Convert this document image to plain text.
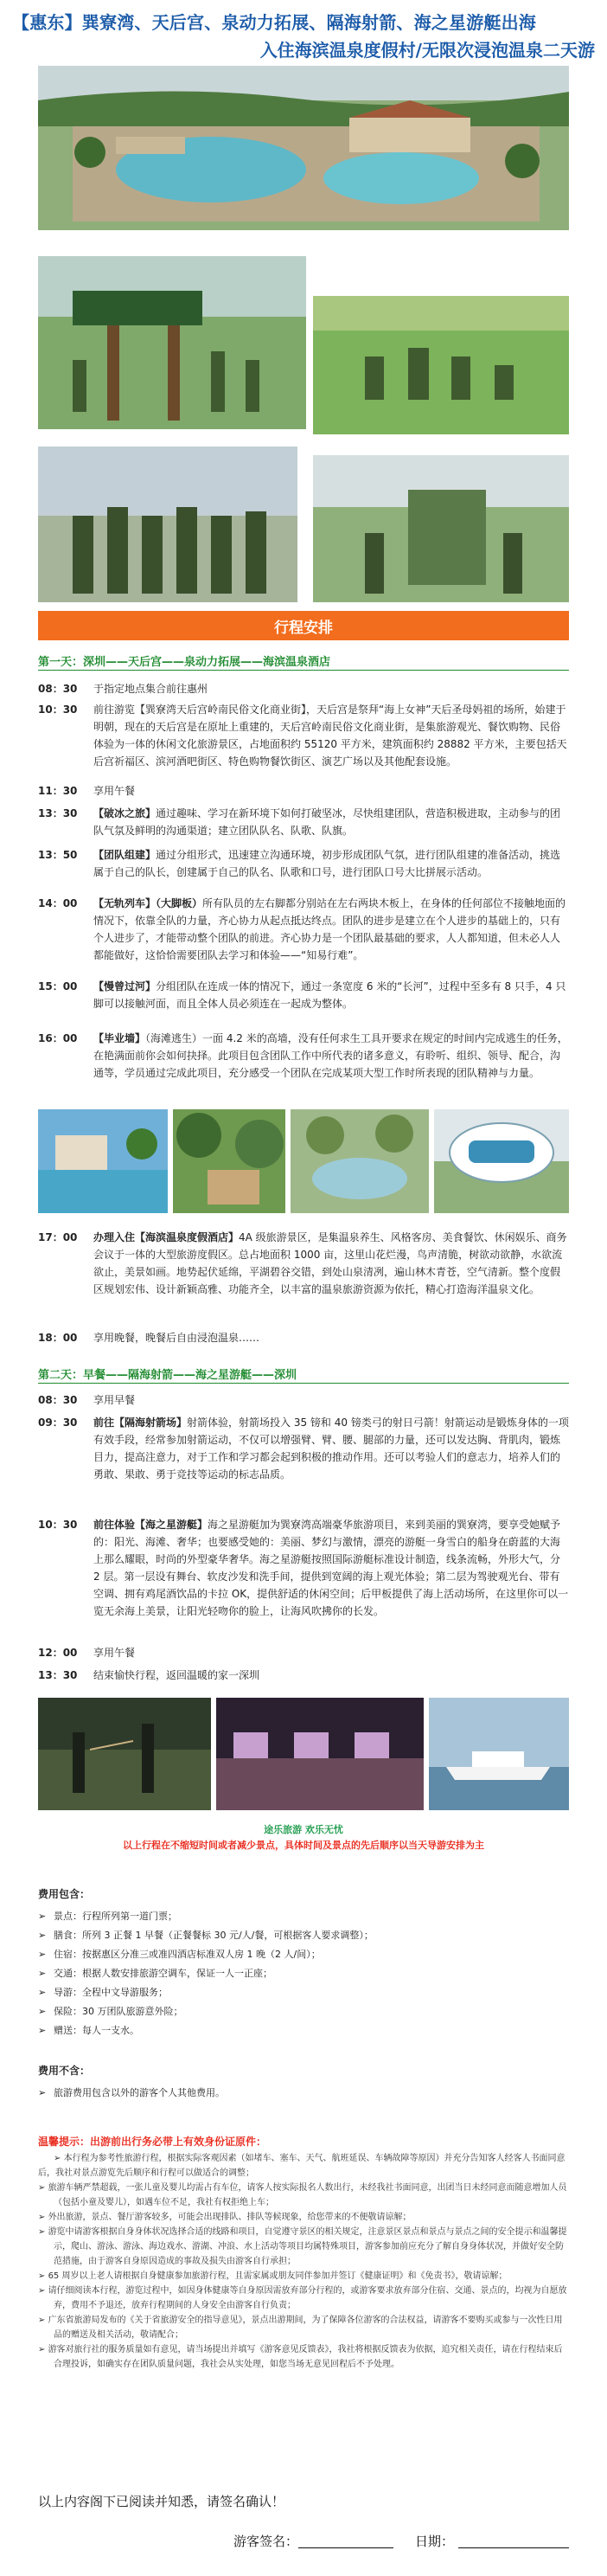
【惠东】巽寮湾、天后宫、泉动力拓展、隔海射箭、海之星游艇出海
入住海滨温泉度假村/无限次浸泡温泉二天游
行程安排
第一天：深圳——天后宫——泉动力拓展——海滨温泉酒店
08：30	于指定地点集合前往惠州
10：30	前往游览【巽寮湾天后宫岭南民俗文化商业街】，天后宫是祭拜“海上女神”天后圣母妈祖的场所，始建于明朝，现在的天后宫是在原址上重建的，天后宫岭南民俗文化商业街，是集旅游观光、餐饮购物、民俗体验为一体的休闲文化旅游景区，占地面积约 55120 平方米，建筑面积约 28882 平方米，主要包括天后宫祈福区、滨河酒吧街区、特色购物餐饮街区、演艺广场以及其他配套设施。
11：30	享用午餐
13：30	【破冰之旅】通过趣味、学习在新环境下如何打破坚冰，尽快组建团队，营造积极进取，主动参与的团队气氛及鲜明的沟通渠道；建立团队队名、队歌、队旗。
13：50	【团队组建】通过分组形式，迅速建立沟通环境，初步形成团队气氛，进行团队组建的准备活动，挑选属于自己的队长，创建属于自己的队名、队歌和口号，进行团队口号大比拼展示活动。
14：00	【无轨列车】（大脚板）所有队员的左右脚都分别站在左右两块木板上，在身体的任何部位不接触地面的情况下，依靠全队的力量，齐心协力从起点抵达终点。团队的进步是建立在个人进步的基础上的，只有个人进步了，才能带动整个团队的前进。齐心协力是一个团队最基础的要求，人人都知道，但未必人人都能做好，这恰恰需要团队去学习和体验——“知易行难”。
15：00	【慢曾过河】分组团队在连成一体的情况下，通过一条宽度 6 米的“长河”，过程中至多有 8 只手，4 只脚可以接触河面，而且全体人员必须连在一起成为整体。
16：00	【毕业墙】（海滩逃生）一面 4.2 米的高墙，没有任何求生工具开要求在规定的时间内完成逃生的任务，在艳满面前你会如何抉择。此项目包含团队工作中所代表的诸多意义，有聆听、组织、领导、配合，沟通等，学员通过完成此项目，充分感受一个团队在完成某项大型工作时所表现的团队精神与力量。
17：00	办理入住【海滨温泉度假酒店】4A 级旅游景区，是集温泉养生、风格客房、美食餐饮、休闲娱乐、商务会议于一体的大型旅游度假区。总占地面积 1000 亩，这里山花烂漫，鸟声清脆，树欲动欲静，水欲流欲止，美景如画。地势起伏延绵，平湖碧谷交错，到处山泉清冽，遍山林木青苍，空气清新。整个度假区规划宏伟、设计新颖高雅、功能齐全，以丰富的温泉旅游资源为依托，精心打造海洋温泉文化。
18：00	享用晚餐，晚餐后自由浸泡温泉……
第二天：早餐——隔海射箭——海之星游艇——深圳
08：30	享用早餐
09：30	前往【隔海射箭场】射箭体验，射箭场投入 35 镑和 40 镑类弓的射日弓箭！射箭运动是锻炼身体的一项有效手段，经常参加射箭运动，不仅可以增强臂、臂、腰、腿部的力量，还可以发达胸、背肌肉，锻炼目力，提高注意力，对于工作和学习都会起到积极的推动作用。还可以考验人们的意志力，培养人们的勇敢、果敢、勇于竞技等运动的标志品质。
10：30	前往体验【海之星游艇】海之星游艇加为巽寮湾高端豪华旅游项目，来到美丽的巽寮湾，要享受她赋予的：阳光、海滩、奢华；也要感受她的：美丽、梦幻与激情，漂亮的游艇一身雪白的船身在蔚蓝的大海上那么耀眼，时尚的外型豪华奢华。海之星游艇按照国际游艇标准设计制造，线条流畅，外形大气，分 2 层。第一层设有舞台、软皮沙发和洗手间，提供到宽阔的海上观光体验；第二层为驾驶观光台、带有空调、拥有鸡尾酒饮品的卡拉 OK，提供舒适的休闲空间；后甲板提供了海上活动场所，在这里你可以一览无余海上美景，让阳光轻吻你的脸上，让海风吹拂你的长发。
12：00	享用午餐
13：30	结束愉快行程，返回温暖的家一深圳
途乐旅游 欢乐无忧
以上行程在不缩短时间或者减少景点，具体时间及景点的先后顺序以当天导游安排为主
费用包含：
➢ 景点：行程所列第一道门票；
➢ 膳食：所列 3 正餐 1 早餐（正餐餐标 30 元/人/餐，可根据客人要求调整）；
➢ 住宿：按据惠区分准三或准四酒店标准双人房 1 晚（2 人/间）；
➢ 交通：根据人数安排旅游空调车，保证一人一正座；
➢ 导游：全程中文导游服务；
➢ 保险：30 万团队旅游意外险；
➢ 赠送：每人一支水。
费用不含：
➢ 旅游费用包含以外的游客个人其他费用。
温馨提示：出游前出行务必带上有效身份证原件：

➢ 本行程为参考性旅游行程，根据实际客观因素（如堵车、塞车、天气、航班延误、车辆故障等原因）并充分告知客人经客人书面同意后，我社对景点游览先后顺序和行程可以做适合的调整；

➢ 旅游车辆严禁超载，一张儿童及婴儿均需占有车位，请客人按实际报名人数出行，未经我社书面同意，出团当日未经同意而随意增加人员（包括小童及婴儿），如遇车位不足，我社有权拒绝上车；

➢ 外出旅游，景点、餐厅游客较多，可能会出现排队、排队等候现象，给您带来的不便敬请谅解；

➢ 游览中请游客根据自身身体状况选择合适的线路和项目，自觉遵守景区的相关规定，注意景区景点和景点与景点之间的安全提示和温馨提示，爬山、游泳、游泳、海边戏水、游湖、冲浪、水上活动等项目均属特殊项目，游客参加前应充分了解自身身体状况，并做好安全防范措施，由于游客自身原因造成的事故及损失由游客自行承担；

➢ 65 周岁以上老人请根据自身健康参加旅游行程，且需家属或朋友同伴参加并签订《健康证明》和《免责书》，敬请谅解；

➢ 请仔细阅读本行程，游览过程中，如因身体健康等自身原因需放弃部分行程的，或游客要求放弃部分住宿、交通、景点的，均视为自愿放弃，费用不予退还，放弃行程期间的人身安全由游客自行负责；

➢ 广东省旅游局发布的《关于省旅游安全的指导意见》，景点出游期间，为了保障各位游客的合法权益，请游客不要购买或参与一次性日用品的赠送及相关活动，敬请配合；

➢ 游客对旅行社的服务质量如有意见，请当场提出并填写《游客意见反馈表》，我社将根据反馈表为依据，追究相关责任，请在行程结束后合理投诉，如确实存在团队质量问题，我社会从实处理，如您当场无意见回程后不予处理。

以上内容阁下已阅读并知悉，请签名确认！
游客签名：	日期：
